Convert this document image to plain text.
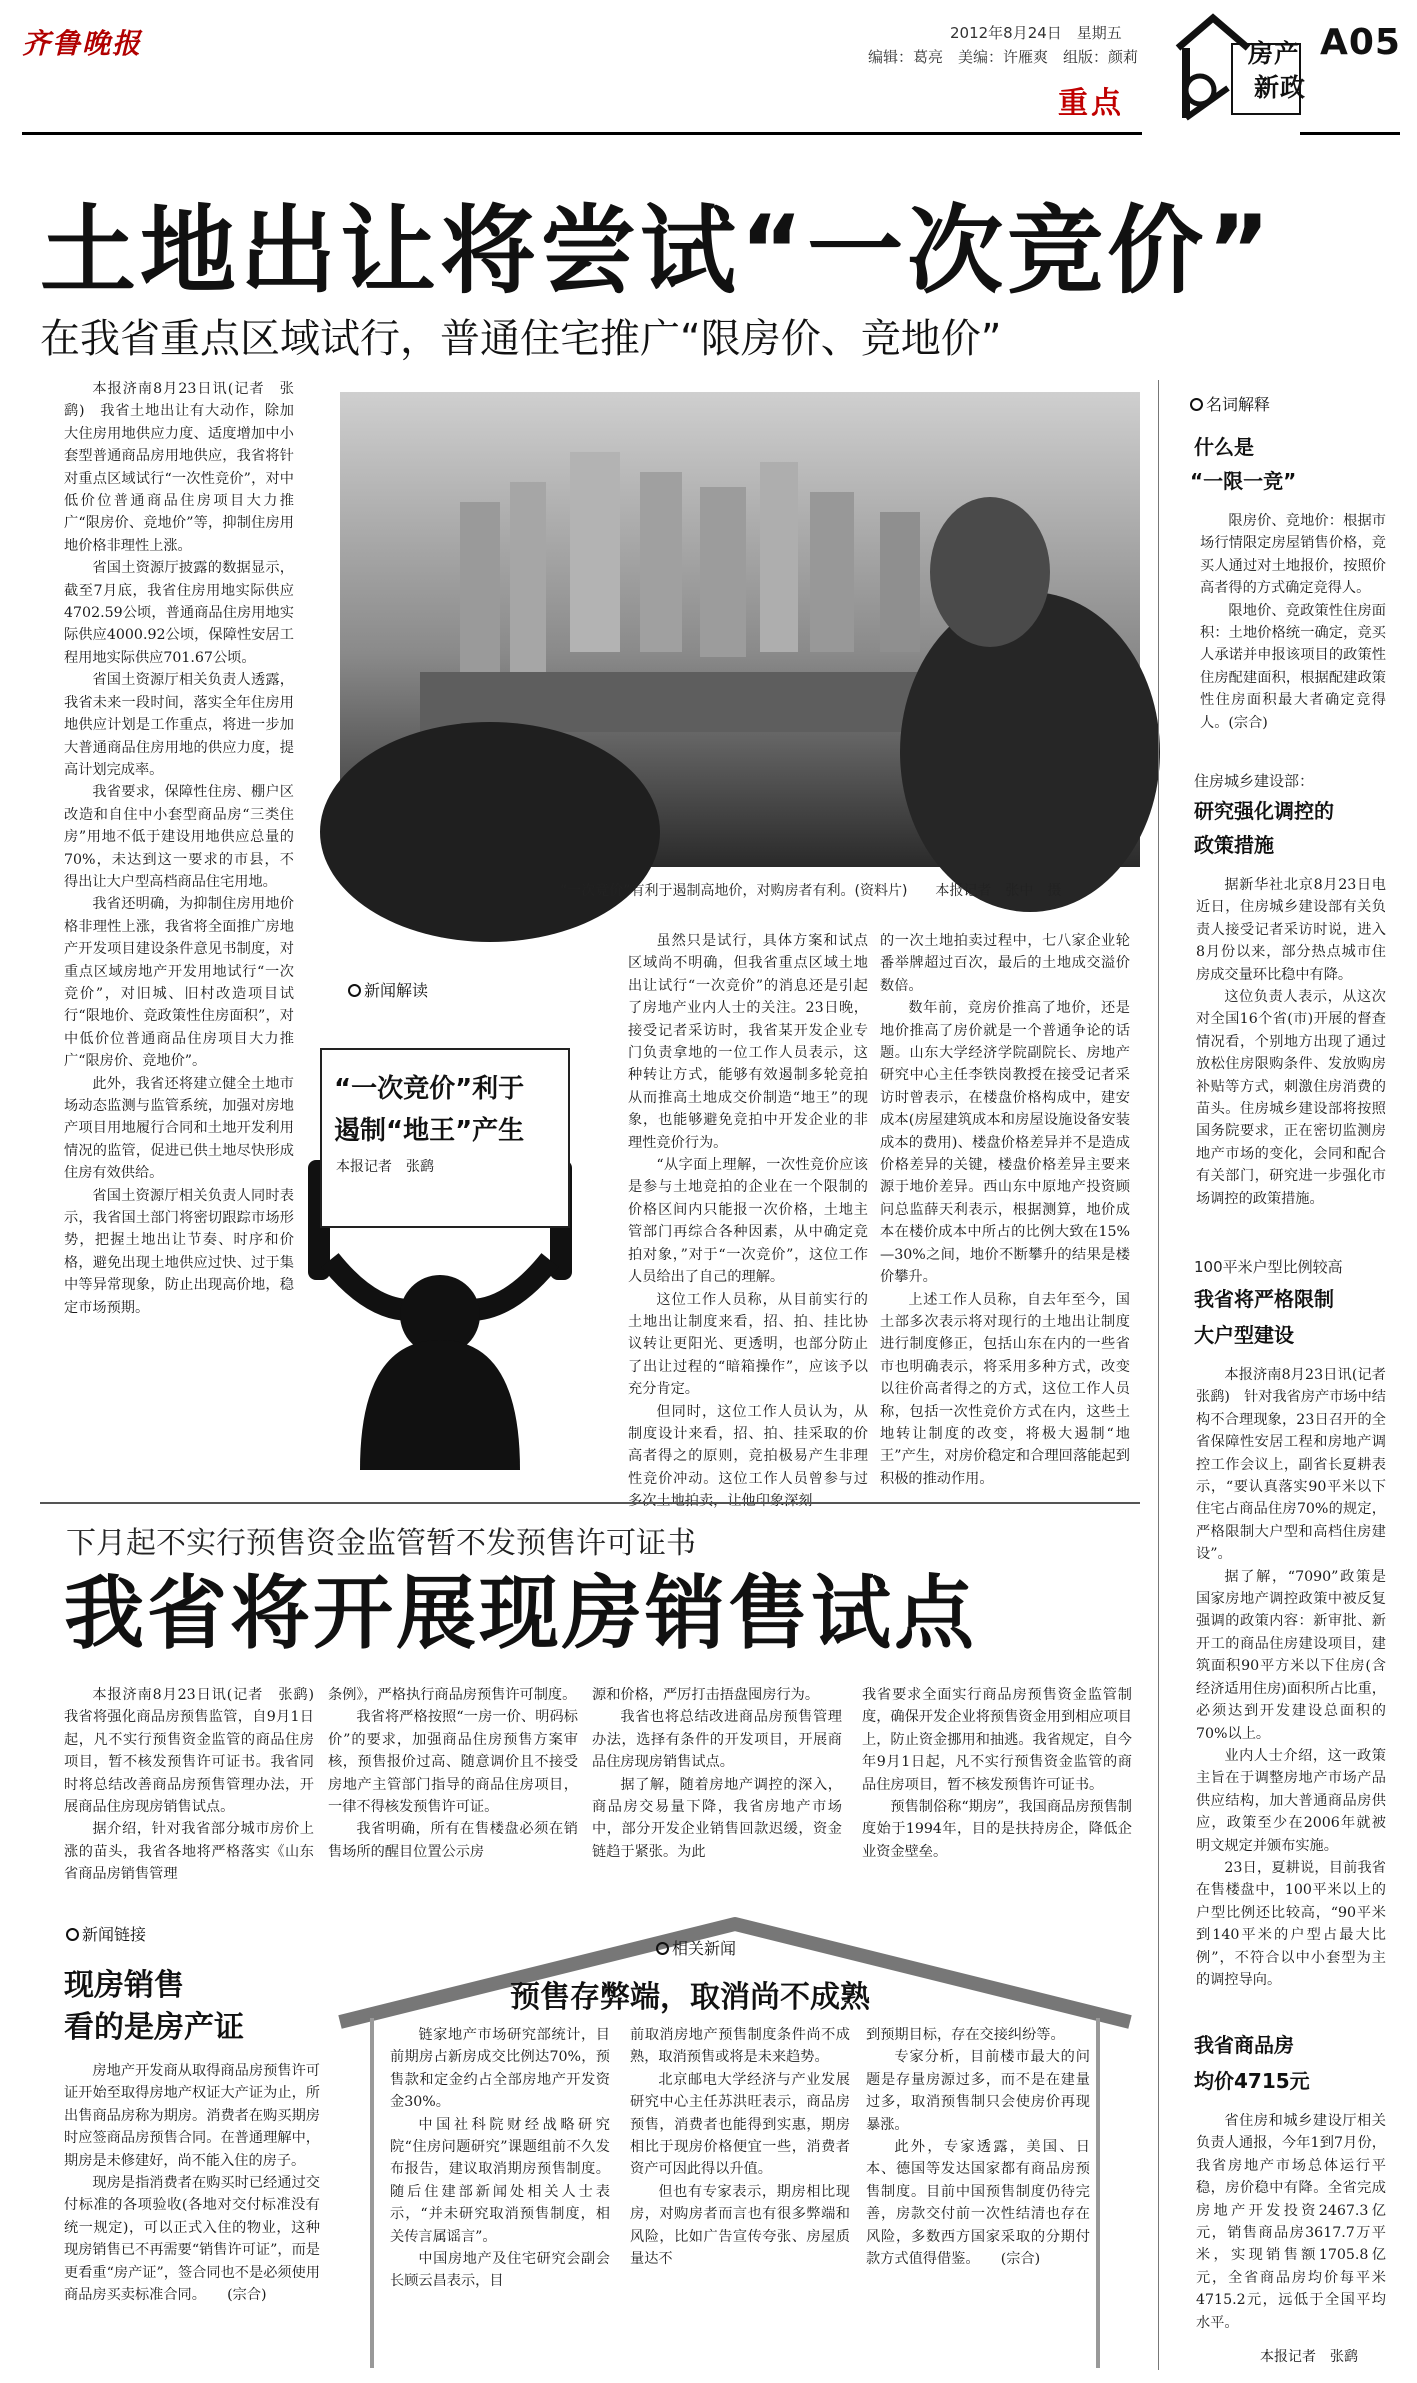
齐鲁晚报	2012年8月24日　星期五
编辑：葛亮　美编：许雁爽　组版：颜莉
重点
房产
新政
A05
土地出让将尝试“一次竞价”
在我省重点区域试行，普通住宅推广“限房价、竞地价”

本报济南8月23日讯(记者　张鹞)　我省土地出让有大动作，除加大住房用地供应力度、适度增加中小套型普通商品房用地供应，我省将针对重点区域试行“一次性竞价”，对中低价位普通商品住房项目大力推广“限房价、竞地价”等，抑制住房用地价格非理性上涨。

省国土资源厅披露的数据显示，截至7月底，我省住房用地实际供应4702.59公顷，普通商品住房用地实际供应4000.92公顷，保障性安居工程用地实际供应701.67公顷。

省国土资源厅相关负责人透露，我省未来一段时间，落实全年住房用地供应计划是工作重点，将进一步加大普通商品住房用地的供应力度，提高计划完成率。

我省要求，保障性住房、棚户区改造和自住中小套型商品房“三类住房”用地不低于建设用地供应总量的70%，未达到这一要求的市县，不得出让大户型高档商品住宅用地。

我省还明确，为抑制住房用地价格非理性上涨，我省将全面推广房地产开发项目建设条件意见书制度，对重点区域房地产开发用地试行“一次竞价”，对旧城、旧村改造项目试行“限地价、竞政策性住房面积”，对中低价位普通商品住房项目大力推广“限房价、竞地价”。

此外，我省还将建立健全土地市场动态监测与监管系统，加强对房地产项目用地履行合同和土地开发利用情况的监管，促进已供土地尽快形成住房有效供给。

省国土资源厅相关负责人同时表示，我省国土部门将密切跟踪市场形势，把握土地出让节奏、时序和价格，避免出现土地供应过快、过于集中等异常现象，防止出现高价地，稳定市场预期。

“一次竞价”有利于遏制高地价，对购房者有利。(资料片)　　本报记者　张中　摄
新闻解读
“一次竞价”利于
遏制“地王”产生
本报记者　张鹞

虽然只是试行，具体方案和试点区域尚不明确，但我省重点区域土地出让试行“一次竞价”的消息还是引起了房地产业内人士的关注。23日晚，接受记者采访时，我省某开发企业专门负责拿地的一位工作人员表示，这种转让方式，能够有效遏制多轮竞拍从而推高土地成交价制造“地王”的现象，也能够避免竞拍中开发企业的非理性竞价行为。

“从字面上理解，一次性竞价应该是参与土地竞拍的企业在一个限制的价格区间内只能报一次价格，土地主管部门再综合各种因素，从中确定竞拍对象，”对于“一次竞价”，这位工作人员给出了自己的理解。

这位工作人员称，从目前实行的土地出让制度来看，招、拍、挂比协议转让更阳光、更透明，也部分防止了出让过程的“暗箱操作”，应该予以充分肯定。

但同时，这位工作人员认为，从制度设计来看，招、拍、挂采取的价高者得之的原则，竞拍极易产生非理性竞价冲动。这位工作人员曾参与过

的一次土地拍卖过程中，七八家企业轮番举牌超过百次，最后的土地成交溢价数倍。

数年前，竞房价推高了地价，还是地价推高了房价就是一个普通争论的话题。山东大学经济学院副院长、房地产研究中心主任李铁岗教授在接受记者采访时曾表示，在楼盘价格构成中，建安成本(房屋建筑成本和房屋设施设备安装成本的费用)、楼盘价格差异并不是造成价格差异的关键，楼盘价格差异主要来源于地价差异。西山东中原地产投资顾问总监薛天利表示，根据测算，地价成本在楼价成本中所占的比例大致在15%—30%之间，地价不断攀升的结果是楼价攀升。

上述工作人员称，自去年至今，国土部多次表示将对现行的土地出让制度进行制度修正，包括山东在内的一些省市也明确表示，将采用多种方式，改变以往价高者得之的方式，这位工作人员称，包括一次性竞价方式在内，这些土地转让制度的改变，将极大遏制“地王”产生，对房价稳定和合理回落能起到积极的推动作用。

名词解释
什么是
“一限一竞”

限房价、竞地价：根据市场行情限定房屋销售价格，竞买人通过对土地报价，按照价高者得的方式确定竞得人。

限地价、竞政策性住房面积：土地价格统一确定，竞买人承诺并申报该项目的政策性住房配建面积，根据配建政策性住房面积最大者确定竞得人。(宗合)

住房城乡建设部：
研究强化调控的
政策措施

据新华社北京8月23日电　近日，住房城乡建设部有关负责人接受记者采访时说，进入8月份以来，部分热点城市住房成交量环比稳中有降。

这位负责人表示，从这次对全国16个省(市)开展的督查情况看，个别地方出现了通过放松住房限购条件、发放购房补贴等方式，刺激住房消费的苗头。住房城乡建设部将按照国务院要求，正在密切监测房地产市场的变化，会同和配合有关部门，研究进一步强化市场调控的政策措施。

100平米户型比例较高
我省将严格限制
大户型建设

本报济南8月23日讯(记者　张鹞)　针对我省房产市场中结构不合理现象，23日召开的全省保障性安居工程和房地产调控工作会议上，副省长夏耕表示，“要认真落实90平米以下住宅占商品住房70%的规定，严格限制大户型和高档住房建设”。

据了解，“7090”政策是国家房地产调控政策中被反复强调的政策内容：新审批、新开工的商品住房建设项目，建筑面积90平方米以下住房(含经济适用住房)面积所占比重，必须达到开发建设总面积的70%以上。

业内人士介绍，这一政策主旨在于调整房地产市场产品供应结构，加大普通商品房供应，政策至少在2006年就被明文规定并颁布实施。

23日，夏耕说，目前我省在售楼盘中，100平米以上的户型比例还比较高，“90平米到140平米的户型占最大比例”，不符合以中小套型为主的调控导向。

我省商品房
均价4715元

省住房和城乡建设厅相关负责人通报，今年1到7月份，我省房地产市场总体运行平稳，房价稳中有降。全省完成房地产开发投资2467.3亿元，销售商品房3617.7万平米，实现销售额1705.8亿元，全省商品房均价每平米4715.2元，远低于全国平均水平。

本报记者　张鹞
下月起不实行预售资金监管暂不发预售许可证书
我省将开展现房销售试点

本报济南8月23日讯(记者　张鹞)　我省将强化商品房预售监管，自9月1日起，凡不实行预售资金监管的商品住房项目，暂不核发预售许可证书。我省同时将总结改善商品房预售管理办法，开展商品住房现房销售试点。

据介绍，针对我省部分城市房价上涨的苗头，我省各地将严格落实《山东省商品房销售管理

条例》，严格执行商品房预售许可制度。

我省将严格按照“一房一价、明码标价”的要求，加强商品住房预售方案审核，预售报价过高、随意调价且不接受房地产主管部门指导的商品住房项目，一律不得核发预售许可证。

我省明确，所有在售楼盘必须在销售场所的醒目位置公示房

源和价格，严厉打击捂盘囤房行为。

我省也将总结改进商品房预售管理办法，选择有条件的开发项目，开展商品住房现房销售试点。

据了解，随着房地产调控的深入，商品房交易量下降，我省房地产市场中，部分开发企业销售回款迟缓，资金链趋于紧张。为此

我省要求全面实行商品房预售资金监管制度，确保开发企业将预售资金用到相应项目上，防止资金挪用和抽逃。我省规定，自今年9月1日起，凡不实行预售资金监管的商品住房项目，暂不核发预售许可证书。

预售制俗称“期房”，我国商品房预售制度始于1994年，目的是扶持房企，降低企业资金壁垒。

新闻链接
现房销售
看的是房产证

房地产开发商从取得商品房预售许可证开始至取得房地产权证大产证为止，所出售商品房称为期房。消费者在购买期房时应签商品房预售合同。在普通理解中，期房是未修建好，尚不能入住的房子。

现房是指消费者在购买时已经通过交付标准的各项验收(各地对交付标准没有统一规定)，可以正式入住的物业，这种现房销售已不再需要“销售许可证”，而是更看重“房产证”，签合同也不是必须使用商品房买卖标准合同。　　(宗合)

相关新闻
预售存弊端，取消尚不成熟

链家地产市场研究部统计，目前期房占新房成交比例达70%，预售款和定金约占全部房地产开发资金30%。

中国社科院财经战略研究院“住房问题研究”课题组前不久发布报告，建议取消期房预售制度。随后住建部新闻处相关人士表示，“并未研究取消预售制度，相关传言属谣言”。

中国房地产及住宅研究会副会长顾云昌表示，目

前取消房地产预售制度条件尚不成熟，取消预售或将是未来趋势。

北京邮电大学经济与产业发展研究中心主任苏洪旺表示，商品房预售，消费者也能得到实惠，期房相比于现房价格便宜一些，消费者资产可因此得以升值。

但也有专家表示，期房相比现房，对购房者而言也有很多弊端和风险，比如广告宣传夸张、房屋质量达不

到预期目标，存在交接纠纷等。

专家分析，目前楼市最大的问题是存量房源过多，而不是在建量过多，取消预售制只会使房价再现暴涨。

此外，专家透露，美国、日本、德国等发达国家都有商品房预售制度。目前中国预售制度仍待完善，房款交付前一次性结清也存在风险，多数西方国家采取的分期付款方式值得借鉴。　　(宗合)
